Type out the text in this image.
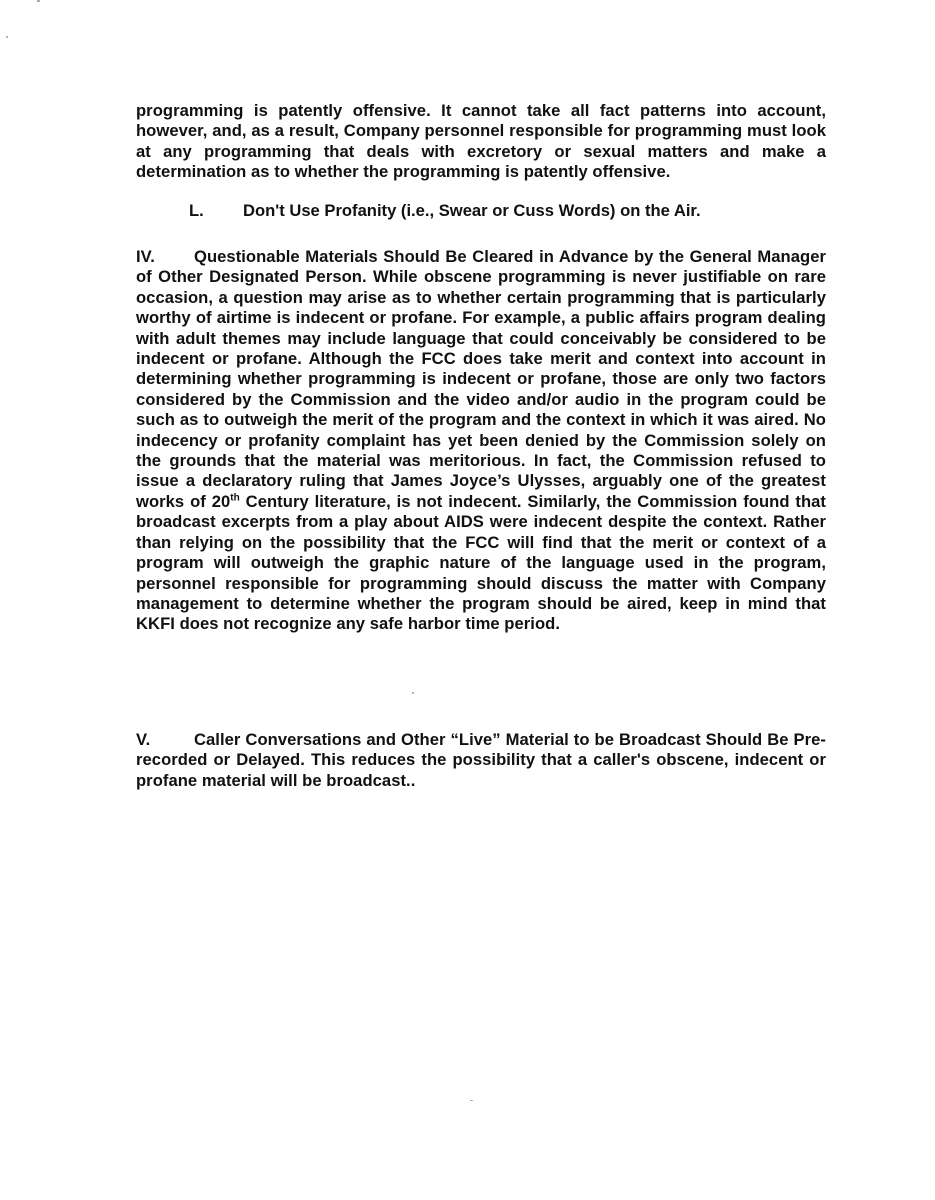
programming is patently offensive. It cannot take all fact patterns into account, however, and, as a result, Company personnel responsible for programming must look at any programming that deals with excretory or sexual matters and make a determination as to whether the programming is patently offensive.

L. Don't Use Profanity (i.e., Swear or Cuss Words) on the Air.

IV. Questionable Materials Should Be Cleared in Advance by the General Manager of Other Designated Person. While obscene programming is never justifiable on rare occasion, a question may arise as to whether certain programming that is particularly worthy of airtime is indecent or profane. For example, a public affairs program dealing with adult themes may include language that could conceivably be considered to be indecent or profane. Although the FCC does take merit and context into account in determining whether programming is indecent or profane, those are only two factors considered by the Commission and the video and/or audio in the program could be such as to outweigh the merit of the program and the context in which it was aired. No indecency or profanity complaint has yet been denied by the Commission solely on the grounds that the material was meritorious. In fact, the Commission refused to issue a declaratory ruling that James Joyce’s Ulysses, arguably one of the greatest works of 20th Century literature, is not indecent. Similarly, the Commission found that broadcast excerpts from a play about AIDS were indecent despite the context. Rather than relying on the possibility that the FCC will find that the merit or context of a program will outweigh the graphic nature of the language used in the program, personnel responsible for programming should discuss the matter with Company management to determine whether the program should be aired, keep in mind that KKFI does not recognize any safe harbor time period.

V.	Caller Conversations and Other “Live” Material to be Broadcast Should Be Pre-recorded or Delayed. This reduces the possibility that a caller's obscene, indecent or profane material will be broadcast..
